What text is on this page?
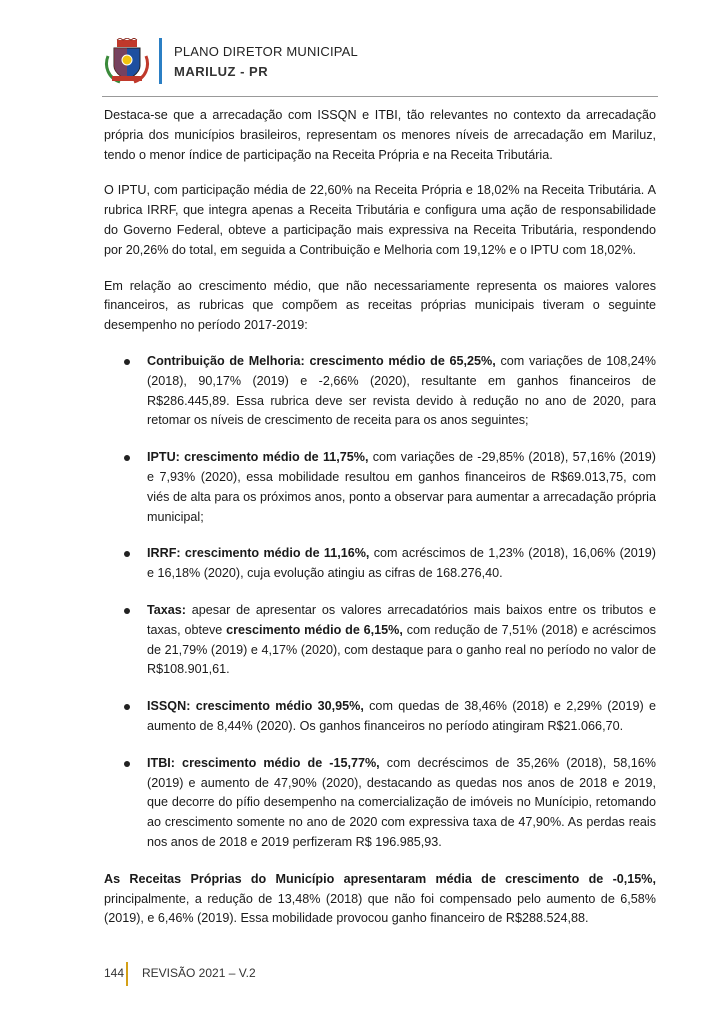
PLANO DIRETOR MUNICIPAL
MARILUZ - PR

Destaca-se que a arrecadação com ISSQN e ITBI, tão relevantes no contexto da arrecadação própria dos municípios brasileiros, representam os menores níveis de arrecadação em Mariluz, tendo o menor índice de participação na Receita Própria e na Receita Tributária.

O IPTU, com participação média de 22,60% na Receita Própria e 18,02% na Receita Tributária. A rubrica IRRF, que integra apenas a Receita Tributária e configura uma ação de responsabilidade do Governo Federal, obteve a participação mais expressiva na Receita Tributária, respondendo por 20,26% do total, em seguida a Contribuição e Melhoria com 19,12% e o IPTU com 18,02%.

Em relação ao crescimento médio, que não necessariamente representa os maiores valores financeiros, as rubricas que compõem as receitas próprias municipais tiveram o seguinte desempenho no período 2017-2019:

Contribuição de Melhoria: crescimento médio de 65,25%, com variações de 108,24% (2018), 90,17% (2019) e -2,66% (2020), resultante em ganhos financeiros de R$286.445,89. Essa rubrica deve ser revista devido à redução no ano de 2020, para retomar os níveis de crescimento de receita para os anos seguintes;
IPTU: crescimento médio de 11,75%, com variações de -29,85% (2018), 57,16% (2019) e 7,93% (2020), essa mobilidade resultou em ganhos financeiros de R$69.013,75, com viés de alta para os próximos anos, ponto a observar para aumentar a arrecadação própria municipal;
IRRF: crescimento médio de 11,16%, com acréscimos de 1,23% (2018), 16,06% (2019) e 16,18% (2020), cuja evolução atingiu as cifras de 168.276,40.
Taxas: apesar de apresentar os valores arrecadatórios mais baixos entre os tributos e taxas, obteve crescimento médio de 6,15%, com redução de 7,51% (2018) e acréscimos de 21,79% (2019) e 4,17% (2020), com destaque para o ganho real no período no valor de R$108.901,61.
ISSQN: crescimento médio 30,95%, com quedas de 38,46% (2018) e 2,29% (2019) e aumento de 8,44% (2020). Os ganhos financeiros no período atingiram R$21.066,70.
ITBI: crescimento médio de -15,77%, com decréscimos de 35,26% (2018), 58,16% (2019) e aumento de 47,90% (2020), destacando as quedas nos anos de 2018 e 2019, que decorre do pífio desempenho na comercialização de imóveis no Munícipio, retomando ao crescimento somente no ano de 2020 com expressiva taxa de 47,90%. As perdas reais nos anos de 2018 e 2019 perfizeram R$ 196.985,93.

As Receitas Próprias do Município apresentaram média de crescimento de -0,15%, principalmente, a redução de 13,48% (2018) que não foi compensado pelo aumento de 6,58% (2019), e 6,46% (2019). Essa mobilidade provocou ganho financeiro de R$288.524,88.

144 REVISÃO 2021 – V.2
